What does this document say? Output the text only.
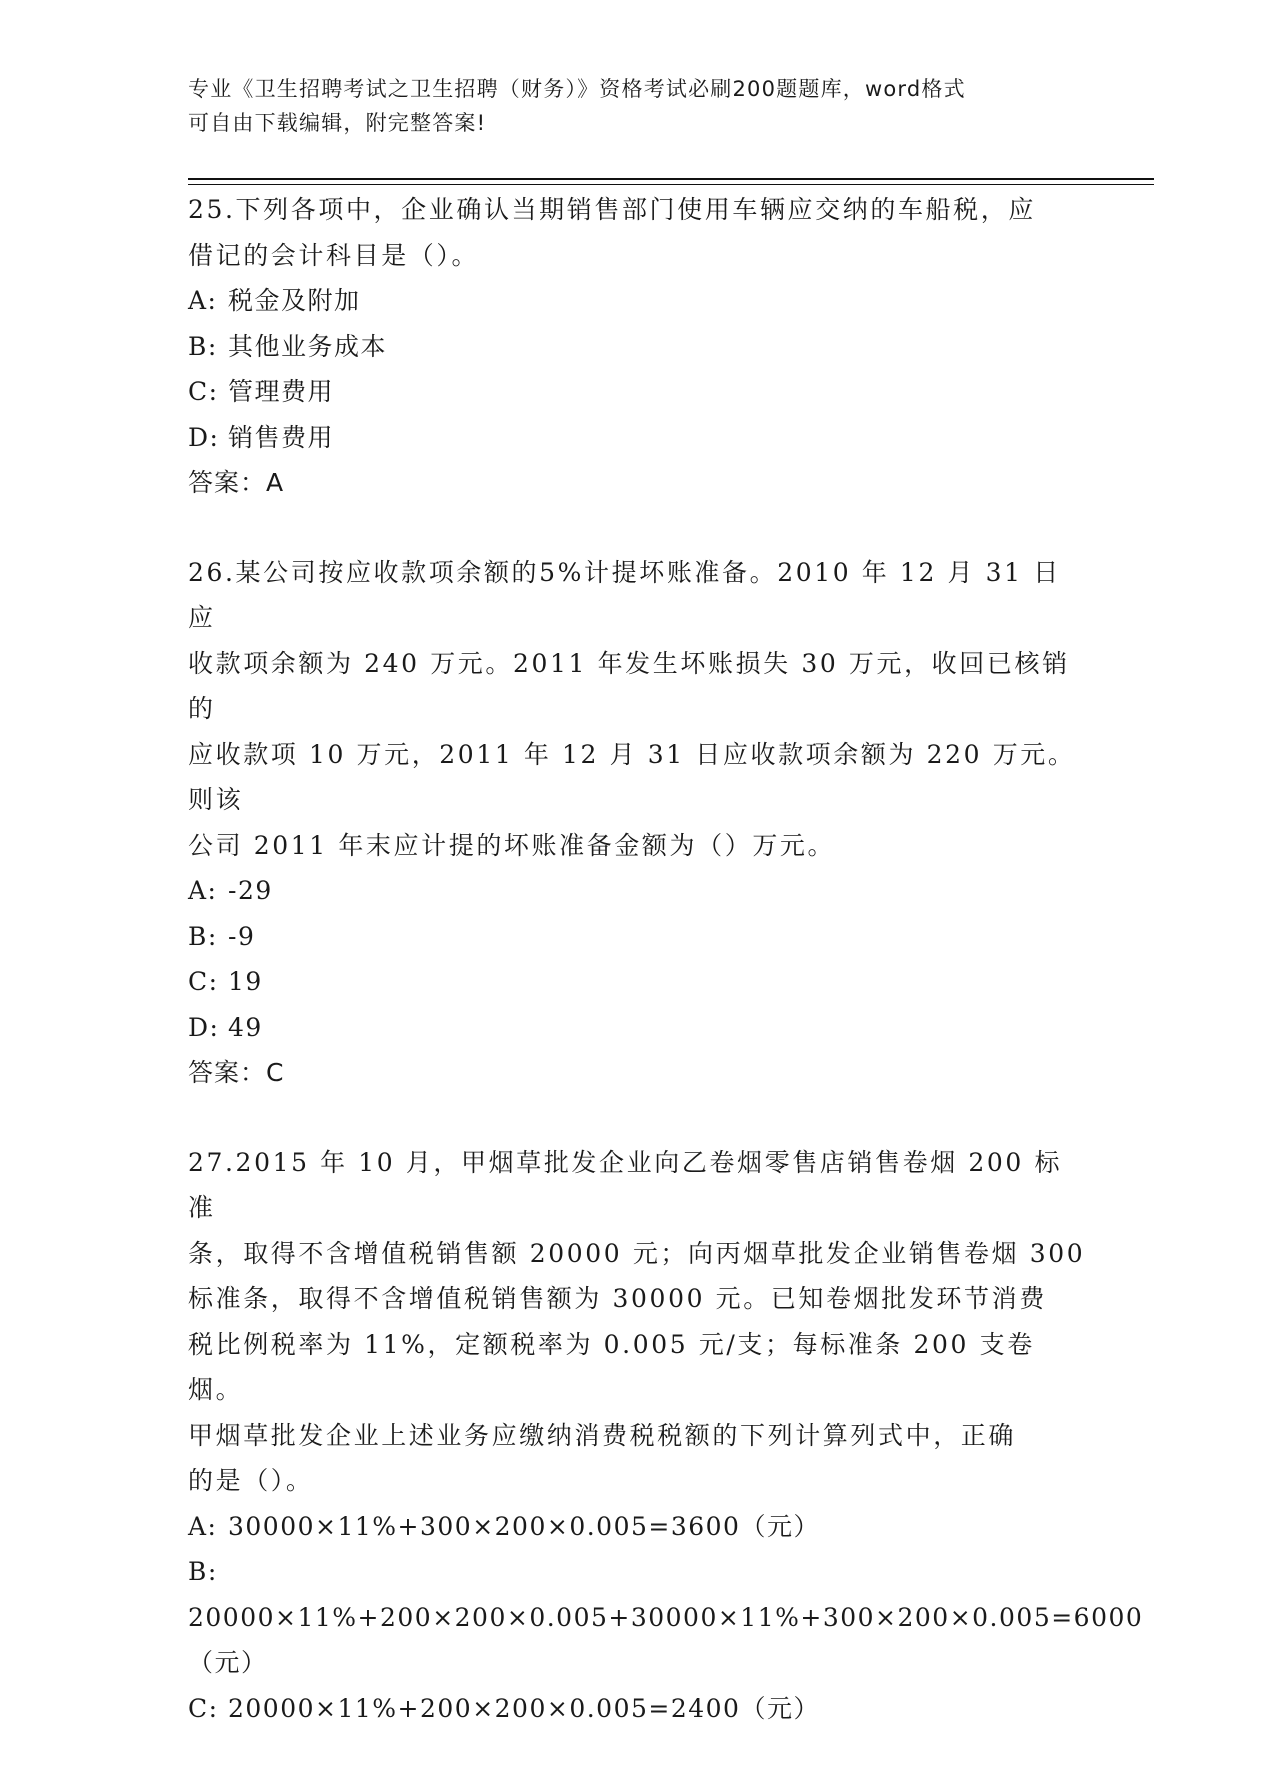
专业《卫生招聘考试之卫生招聘（财务）》资格考试必刷200题题库，word格式
可自由下载编辑，附完整答案!

25.下列各项中，企业确认当期销售部门使用车辆应交纳的车船税，应

借记的会计科目是（）。

A: 税金及附加

B: 其他业务成本

C: 管理费用

D: 销售费用

答案：A

26.某公司按应收款项余额的5%计提坏账准备。2010 年 12 月 31 日应

收款项余额为 240 万元。2011 年发生坏账损失 30 万元，收回已核销的

应收款项 10 万元，2011 年 12 月 31 日应收款项余额为 220 万元。则该

公司 2011 年末应计提的坏账准备金额为（）万元。

A: -29

B: -9

C: 19

D: 49

答案：C

27.2015 年 10 月，甲烟草批发企业向乙卷烟零售店销售卷烟 200 标准

条，取得不含增值税销售额 20000 元；向丙烟草批发企业销售卷烟 300

标准条，取得不含增值税销售额为 30000 元。已知卷烟批发环节消费

税比例税率为 11%，定额税率为 0.005 元/支；每标准条 200 支卷烟。

甲烟草批发企业上述业务应缴纳消费税税额的下列计算列式中，正确

的是（）。

A: 30000×11%+300×200×0.005=3600（元）

B:20000×11%+200×200×0.005+30000×11%+300×200×0.005=6000

（元）

C: 20000×11%+200×200×0.005=2400（元）
